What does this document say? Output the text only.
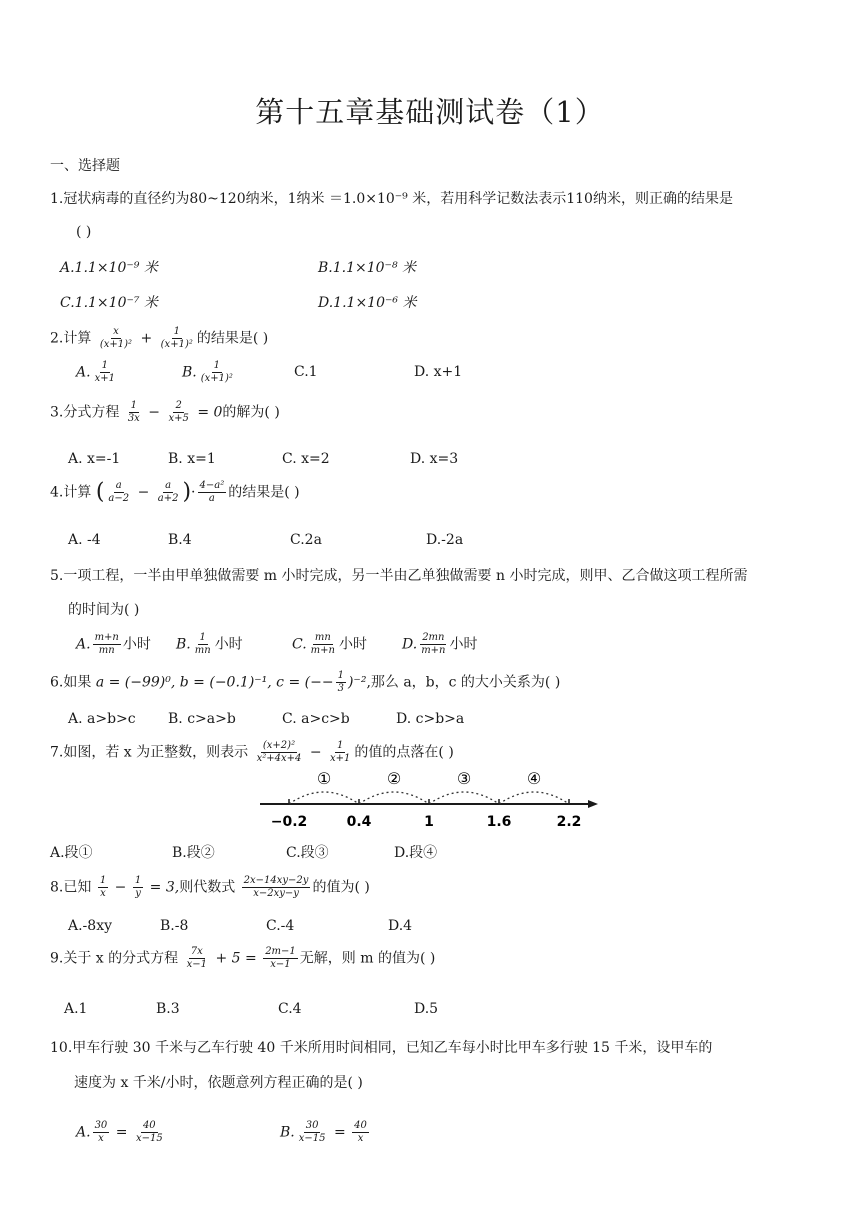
第十五章基础测试卷（1）
一、选择题
1.冠状病毒的直径约为80~120纳米，1纳米 ＝1.0×10⁻⁹ 米，若用科学记数法表示110纳米，则正确的结果是
( )
A.1.1×10⁻⁹ 米	B.1.1×10⁻⁸ 米
C.1.1×10⁻⁷ 米	D.1.1×10⁻⁶ 米
2.计算 $\frac{x}{\text{(x+1)²}} + \frac{1}{\text{(x+1)²}}$ 的结果是( )
A. $\frac{1}{x+1}$	B. $\frac{1}{\text{(x+1)²}}$	C.1	D. x+1
3.分式方程 $\frac{1}{3x} - \frac{2}{x+5} = 0$的解为( )
A. x=-1	B. x=1	C. x=2	D. x=3
4.计算 ( $\frac{a}{a-2} - \frac{a}{a+2}$ )· $\frac{\text{4−a²}}{a}$ 的结果是( )
A. -4	B.4	C.2a	D.-2a
5.一项工程，一半由甲单独做需要 m 小时完成，另一半由乙单独做需要 n 小时完成，则甲、乙合做这项工程所需
的时间为( )
A. $\frac{m+n}{mn}$ 小时 B. $\frac{1}{mn}$ 小时	C. $\frac{mn}{m+n}$ 小时	D. $\frac{2mn}{m+n}$ 小时
6.如果 a = (−99)⁰, b = (−0.1)⁻¹, c = (−− $\frac{1}{3} )^{-2}$,那么 a，b，c 的大小关系为( )
A. a>b>c B. c>a>b	C. a>c>b	D. c>b>a
7.如图，若 x 为正整数，则表示 $\frac{\text{(x+2)²}}{\text{x²+4x+4}} - \frac{1}{x+1}$ 的值的点落在( )
①	②	③	④
−0.2	0.4	1	1.6	2.2
A.段①	B.段②	C.段③	D.段④
8.已知 $\frac{1}{x} - \frac{1}{y} = 3$,则代数式 $\frac{2x-14xy-2y}{x-2xy-y}$ 的值为( )
A.-8xy	B.-8	C.-4	D.4
9.关于 x 的分式方程 $\frac{7x}{x-1} + 5 = \frac{2m-1}{x-1}$ 无解，则 m 的值为( )
A.1	B.3	C.4	D.5
10.甲车行驶 30 千米与乙车行驶 40 千米所用时间相同，已知乙车每小时比甲车多行驶 15 千米，设甲车的
速度为 x 千米/小时，依题意列方程正确的是( )
A. $\frac{30}{x} = \frac{40}{x-15}$	B. $\frac{30}{x-15} = \frac{40}{x}$
